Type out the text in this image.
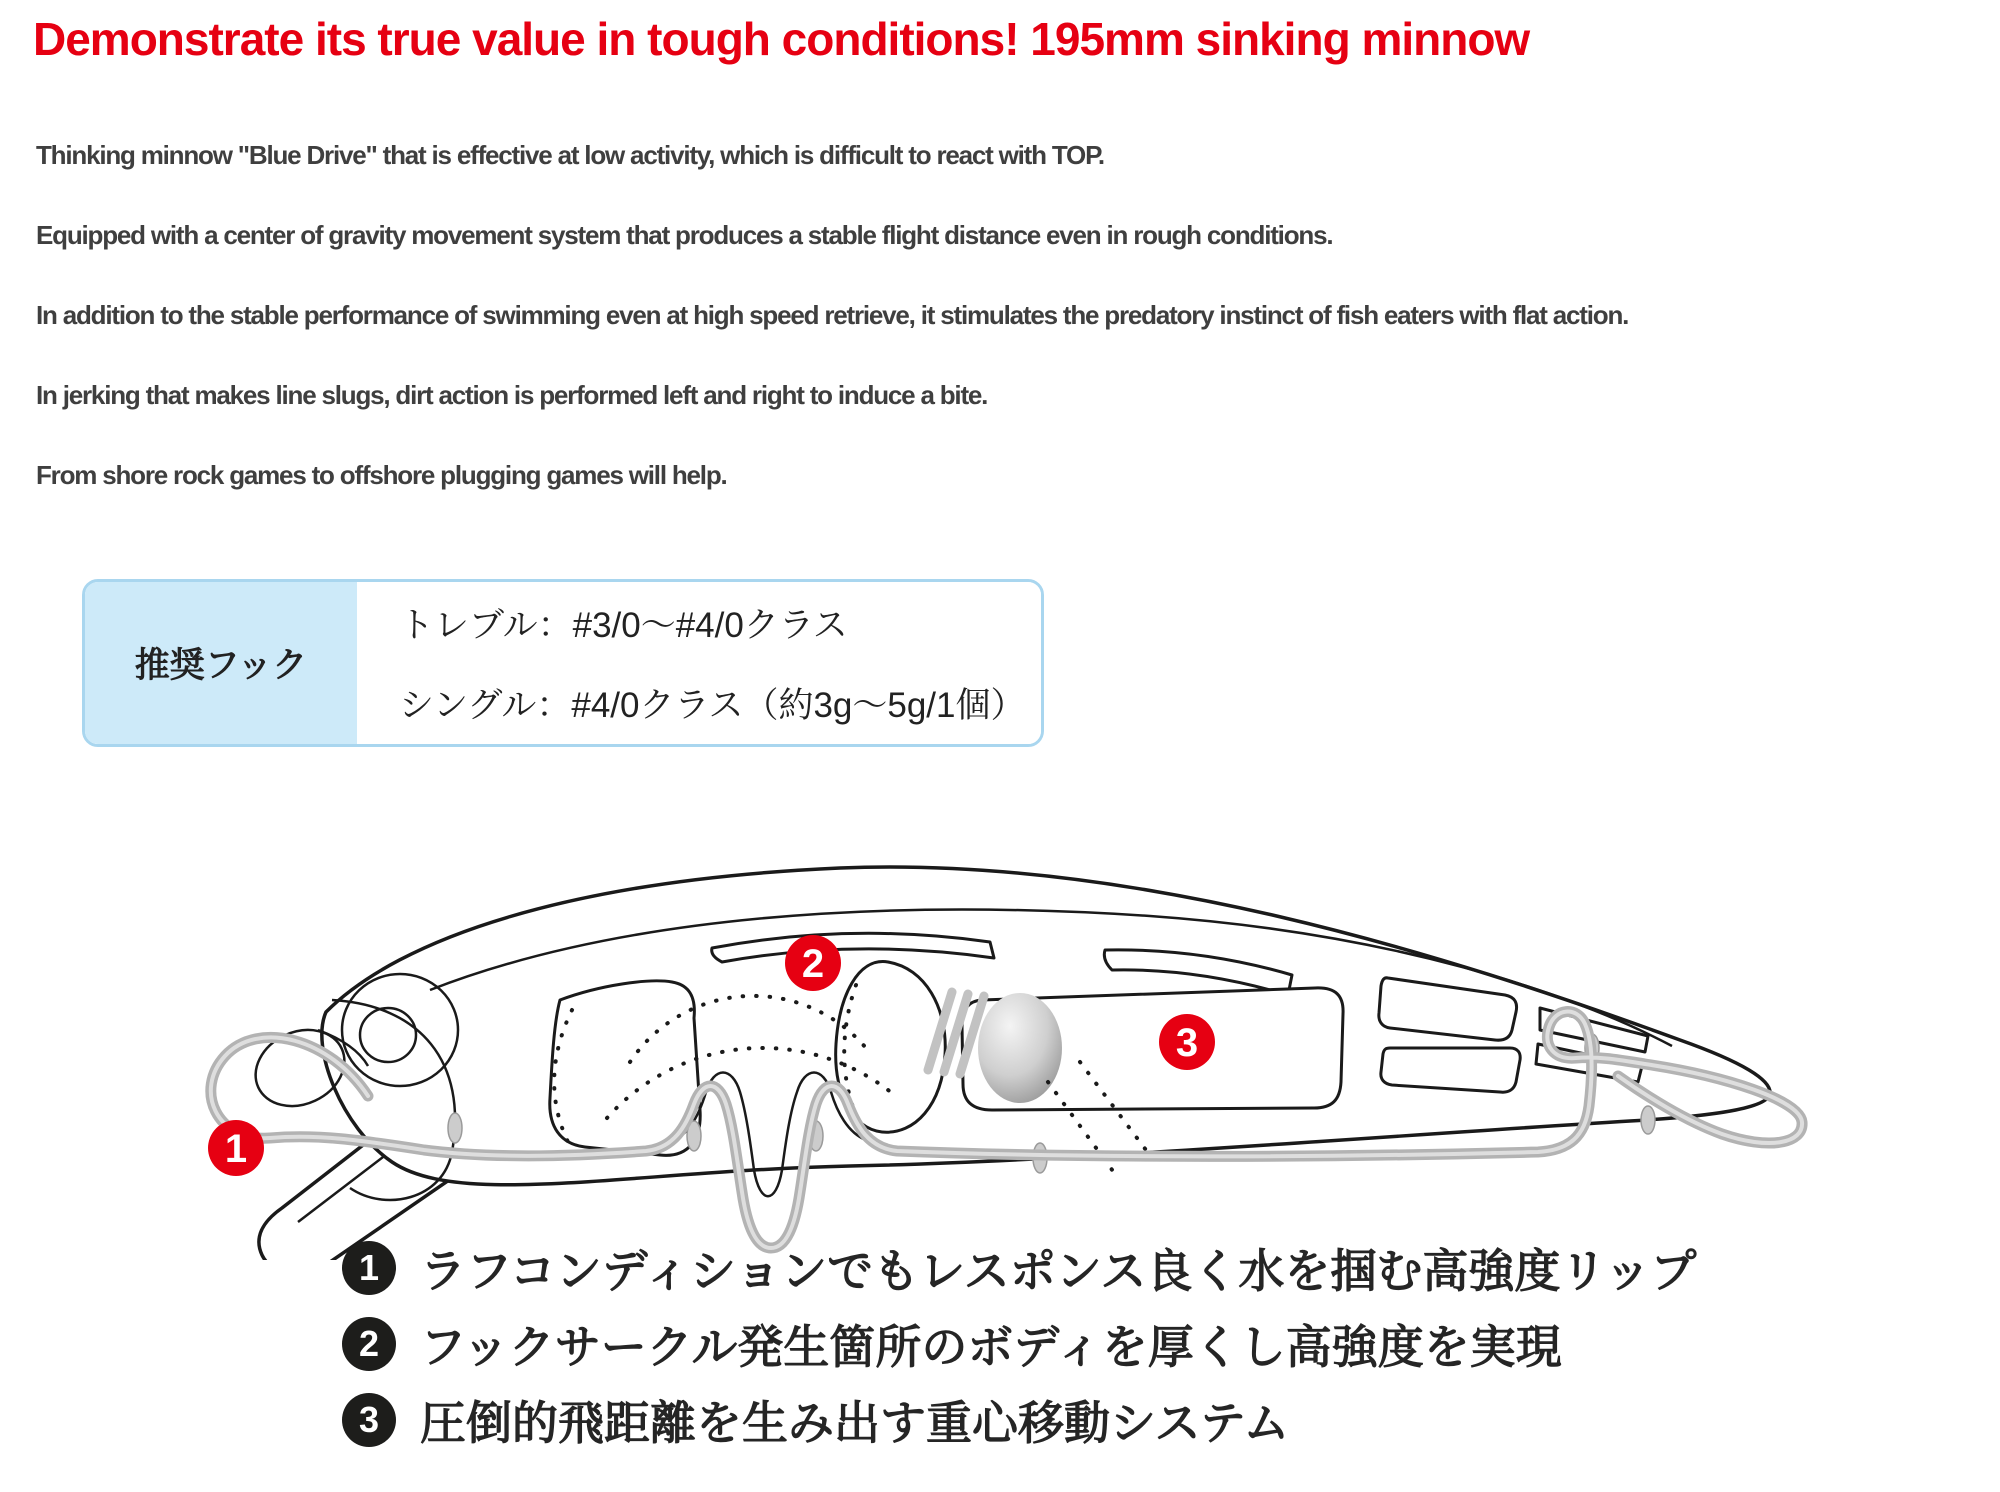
Demonstrate its true value in tough conditions! 195mm sinking minnow

Thinking minnow "Blue Drive" that is effective at low activity, which is difficult to react with TOP.

Equipped with a center of gravity movement system that produces a stable flight distance even in rough conditions.

In addition to the stable performance of swimming even at high speed retrieve, it stimulates the predatory instinct of fish eaters with flat action.

In jerking that makes line slugs, dirt action is performed left and right to induce a bite.

From shore rock games to offshore plugging games will help.

推奨フック
トレブル：#3/0～#4/0クラス
シングル：#4/0クラス（約3g～5g/1個）
1
2
3
1 ラフコンディションでもレスポンス良く水を掴む高強度リップ
2 フックサークル発生箇所のボディを厚くし高強度を実現
3 圧倒的飛距離を生み出す重心移動システム
